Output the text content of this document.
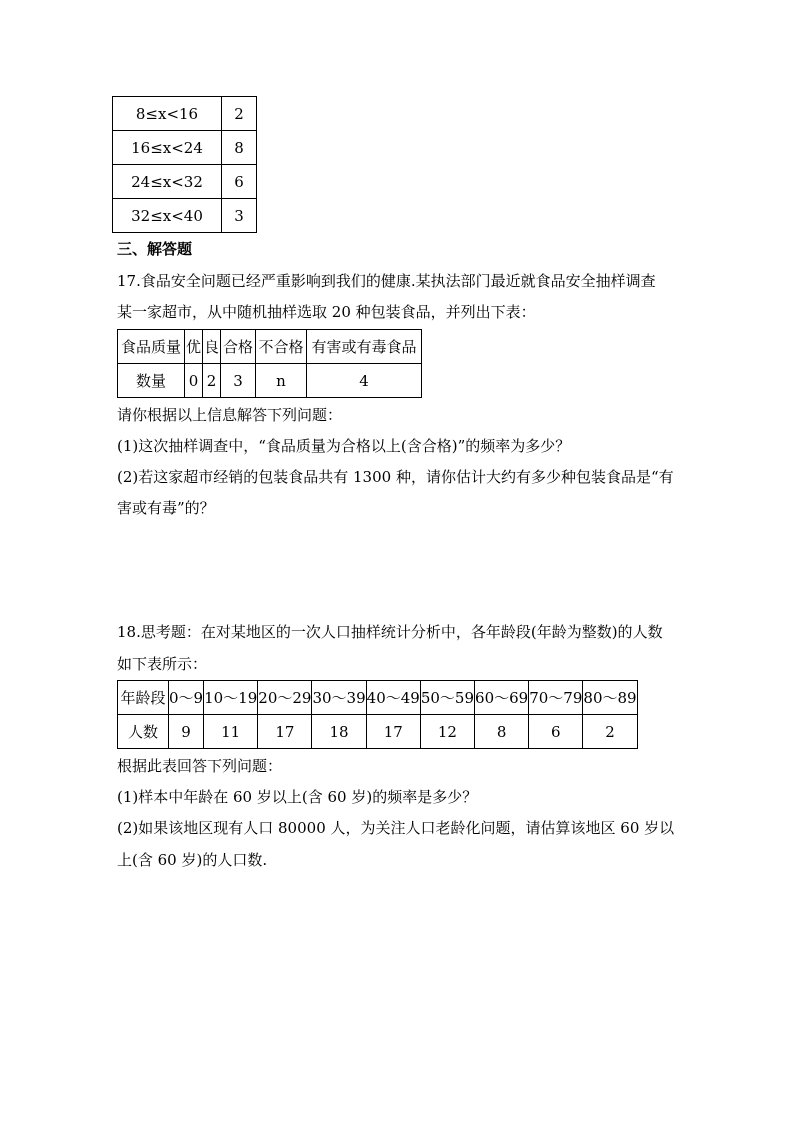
8≤x<16	2
16≤x<24	8
24≤x<32	6
32≤x<40	3
三、解答题
17.食品安全问题已经严重影响到我们的健康.某执法部门最近就食品安全抽样调查
某一家超市，从中随机抽样选取 20 种包装食品，并列出下表：
食品质量	优	良	合格	不合格	有害或有毒食品
数量	0	2	3	n	4
请你根据以上信息解答下列问题：
(1)这次抽样调查中，“食品质量为合格以上(含合格)”的频率为多少？
(2)若这家超市经销的包装食品共有 1300 种，请你估计大约有多少种包装食品是“有
害或有毒”的？
18.思考题：在对某地区的一次人口抽样统计分析中，各年龄段(年龄为整数)的人数
如下表所示：
年龄段	0～9	10～19	20～29	30～39	40～49	50～59	60～69	70～79	80～89
人数	9	11	17	18	17	12	8	6	2
根据此表回答下列问题：
(1)样本中年龄在 60 岁以上(含 60 岁)的频率是多少？
(2)如果该地区现有人口 80000 人，为关注人口老龄化问题，请估算该地区 60 岁以
上(含 60 岁)的人口数.
